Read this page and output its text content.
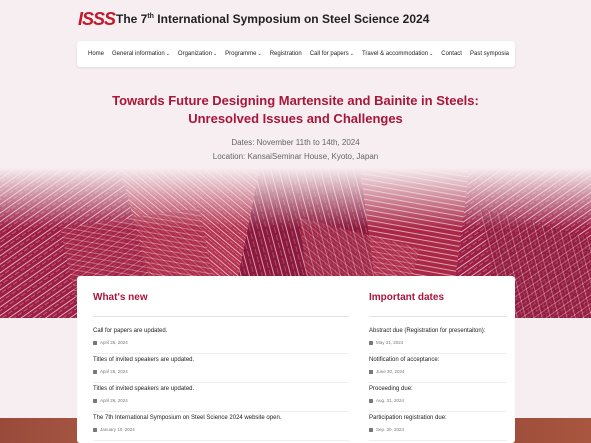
ISSS The 7th International Symposium on Steel Science 2024
Home General information ⌄ Organization ⌄ Programme ⌄ Registration Call for papers ⌄ Travel & accommodation ⌄ Contact Past symposia
Towards Future Designing Martensite and Bainite in Steels:
Unresolved Issues and Challenges
Dates: November 11th to 14th, 2024
Location: KansaiSeminar House, Kyoto, Japan
What's new
Call for papers are updated.
April 26, 2024
Titles of invited speakers are updated.
April 26, 2024
Titles of invited speakers are updated.
April 26, 2024
The 7th International Symposium on Steel Science 2024 website open.
January 10, 2024
Important dates
Abstract due (Registration for presentaiton):
May 31, 2024
Notification of acceptance:
June 30, 2024
Proceeding due:
Aug. 31, 2024
Participation registration due:
Sep. 30, 2024
